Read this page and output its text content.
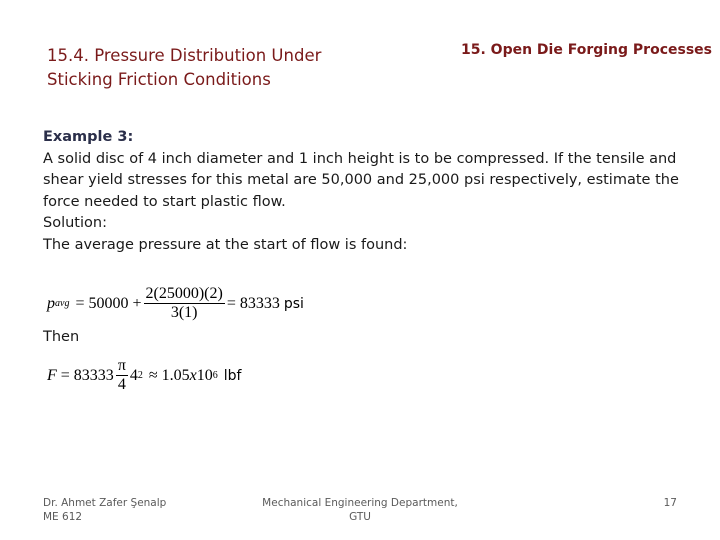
15.4. Pressure Distribution Under
Sticking Friction Conditions
15. Open Die Forging Processes
Example 3:
A solid disc of 4 inch diameter and 1 inch height is to be compressed. If the tensile and shear yield stresses for this metal are 50,000 and 25,000 psi respectively, estimate the force needed to start plastic flow.
Solution:
The average pressure at the start of flow is found:
p avg = $50000 + \frac{2(25000)(2)}{3(1)} = 83333$ psi
Then
$F = 83333 \frac{\pi}{4} 4$ 2 ≈ 1.05 x 10 6 lbf
Dr. Ahmet Zafer Şenalp
ME 612
Mechanical Engineering Department,
GTU
17
